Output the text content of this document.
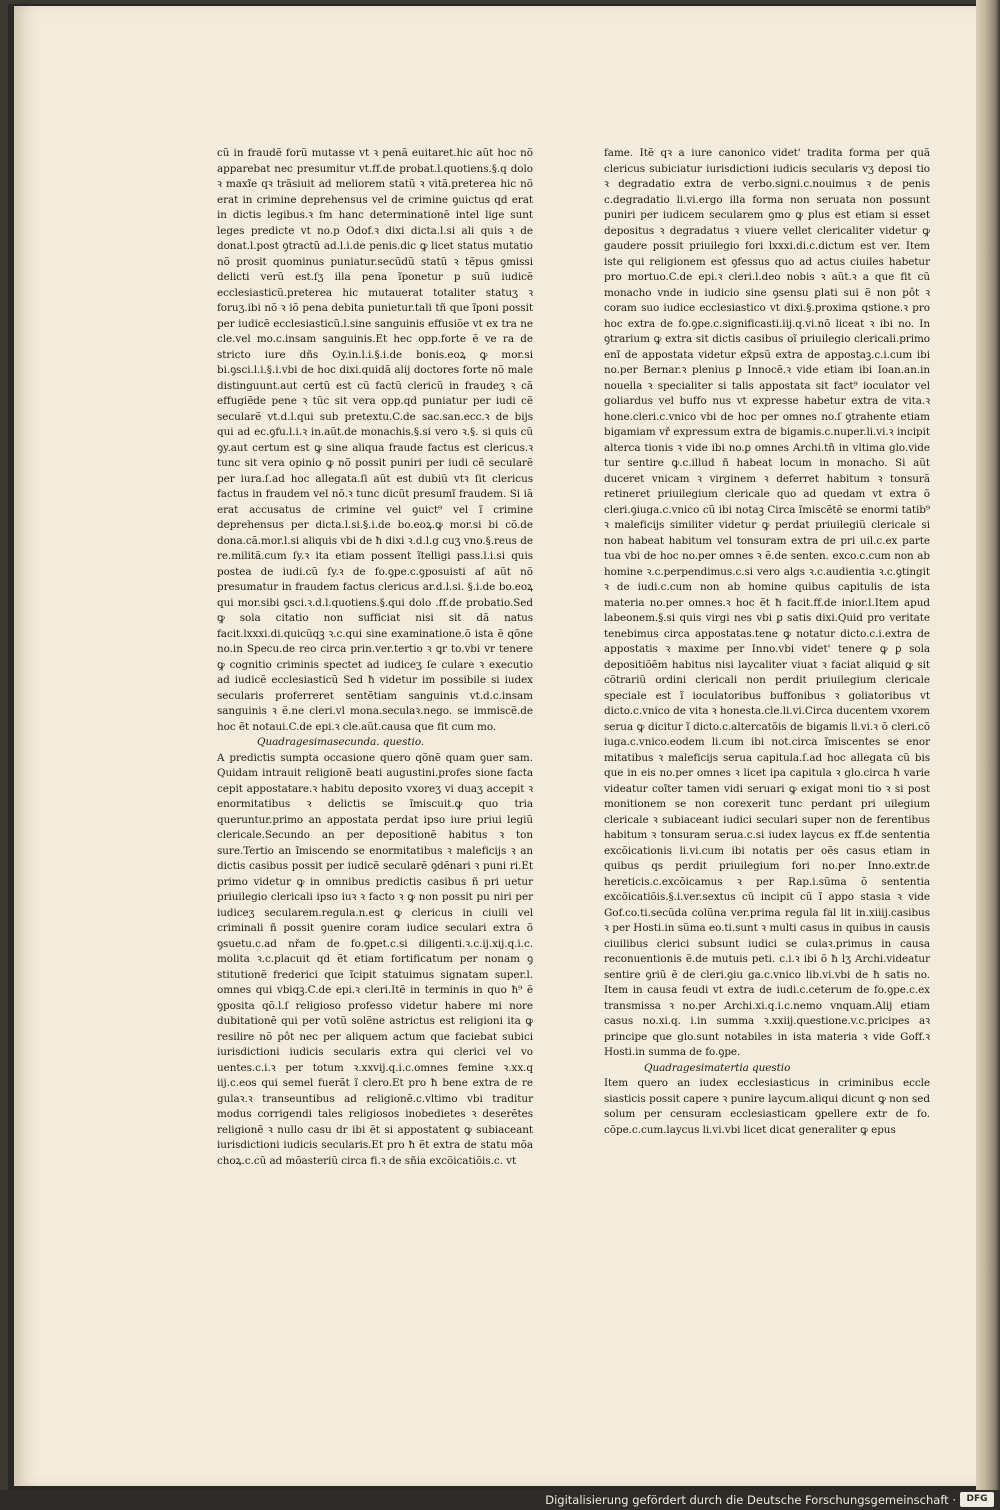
cũ in fraudẽ forũ mutasse vt ꝛ penã euitaret.hic aũt hoc nõ apparebat nec presumitur vt.ff.de probat.l.quotiens.§.q dolo ꝛ maxĩe qꝛ trãsiuit ad meliorem statũ ꝛ vitã.preterea hic nõ erat in crimine deprehensus vel de crimine ꝯuictus qd erat in dictis legibus.ꝛ ſm hanc determinationẽ intel lige sunt leges predicte vt no.p Odof.ꝛ dixi dicta.l.si ali quis ꝛ de donat.l.post ꝯtractũ ad.l.i.de penis.dic ꝙ licet status mutatio nõ prosit quominus puniatur.secũdũ statũ ꝛ tẽpus ꝯmissi delicti verũ est.ſʒ illa pena ĩponetur p suũ iudicẽ ecclesiasticũ.preterea hic mutauerat totaliter statuʒ ꝛ foruʒ.ibi nõ ꝛ iõ pena debita punietur.tali tñ que ĩponi possit per iudicẽ ecclesiasticũ.l.sine sanguinis effusiõe vt ex tra ne cle.vel mo.c.insam sanguinis.Et hec opp.forte ẽ ve ra de stricto iure dñs Oy.in.l.i.§.i.de bonis.eoꝝ ꝙ mor.si bi.ꝯsci.l.i.§.i.vbi de hoc dixi.quidã alij doctores forte nõ male distinguunt.aut certũ est cũ factũ clericũ in fraudeʒ ꝛ cã effugiẽde pene ꝛ tũc sit vera opp.qd puniatur per iudi cẽ secularẽ vt.d.l.qui sub pretextu.C.de sac.san.ecc.ꝛ de bijs qui ad ec.ꝯfu.l.i.ꝛ in.aũt.de monachis.§.si vero ꝛ.§. si quis cũ ꝯy.aut certum est ꝙ sine aliqua fraude factus est clericus.ꝛ tunc sit vera opinio ꝙ nõ possit puniri per iudi cẽ secularẽ per iura.ſ.ad hoc allegata.ſi aũt est dubiũ vtꝛ ſit clericus factus in fraudem vel nõ.ꝛ tunc dicũt presumĩ fraudem. Si iã erat accusatus de crimine vel ꝯuict⁹ vel ĩ crimine deprehensus per dicta.l.si.§.i.de bo.eoꝝ.ꝙ mor.si bi cõ.de dona.cã.mor.l.si aliquis vbi de ħ dixi ꝛ.d.l.g cuʒ vno.§.reus de re.militã.cum ſy.ꝛ ita etiam possent ĩtelligi pass.l.i.si quis postea de iudi.cũ ſy.ꝛ de fo.ꝯpe.c.ꝯposuisti aſ aũt nõ presumatur in fraudem factus clericus ar.d.l.si. §.i.de bo.eoꝝ qui mor.sibi ꝯsci.ꝛ.d.l.quotiens.§.qui dolo .ff.de probatio.Sed ꝙ sola citatio non sufficiat nisi sit dã natus facit.lxxxi.di.quicũqꝫ ꝛ.c.qui sine examinatione.õ ista ẽ qõne no.in Specu.de reo circa prin.ver.tertio ꝛ ꝗr to.vbi vr tenere ꝙ cognitio criminis spectet ad iudiceʒ ſe culare ꝛ executio ad iudicẽ ecclesiasticũ Sed ħ videtur im possibile si iudex secularis proferreret sentẽtiam sanguinis vt.d.c.insam sanguinis ꝛ ẽ.ne cleri.vl mona.seculaꝛ.nego. se immiscẽ.de hoc ẽt notaui.C.de epi.ꝛ cle.aũt.causa que fit cum mo.

Quadragesimasecunda. questio.

A predictis sumpta occasione quero qõnẽ quam ꝯuer sam. Quidam intrauit religionẽ beati augustini.profes sione facta cepit appostatare.ꝛ habitu deposito vxoreʒ vi duaʒ accepit ꝛ enormitatibus ꝛ delictis se ĩmiscuit.ꝙ quo tria queruntur.primo an appostata perdat ipso iure priui legiũ clericale.Secundo an per depositionẽ habitus ꝛ ton sure.Tertio an ĩmiscendo se enormitatibus ꝛ maleficijs ꝛ an dictis casibus possit per iudicẽ secularẽ ꝯdẽnari ꝛ puni ri.Et primo videtur ꝙ in omnibus predictis casibus ñ pri uetur priuilegio clericali ipso iuꝛ ꝛ facto ꝛ ꝙ non possit pu niri per iudiceʒ secularem.regula.n.est ꝙ clericus in ciuili vel criminali ñ possit ꝯuenire coram iudice seculari extra õ ꝯsuetu.c.ad nřam de fo.ꝯpet.c.si diligenti.ꝛ.c.ij.xij.q.i.c. molita ꝛ.c.placuit qd ẽt etiam fortificatum per nonam ꝯ stitutionẽ frederici que ĩcipit statuimus signatam super.l. omnes qui vbiqꝫ.C.de epi.ꝛ cleri.Itẽ in terminis in quo ħ⁹ ẽ ꝯposita qõ.l.ſ religioso professo videtur habere mi nore dubitationẽ qui per votũ solẽne astrictus est religioni ita ꝙ resilire nõ pôt nec per aliquem actum que faciebat subici iurisdictioni iudicis secularis extra qui clerici vel vo uentes.c.i.ꝛ per totum ꝛ.xxvij.q.i.c.omnes femine ꝛ.xx.q iij.c.eos qui semel fuerãt ĩ clero.Et pro ħ bene extra de re gulaꝛ.ꝛ transeuntibus ad religionẽ.c.vltimo vbi traditur modus corrigendi tales religiosos inobedietes ꝛ deserẽtes religionẽ ꝛ nullo casu dr ibi ẽt si appostatent ꝙ subiaceant iurisdictioni iudicis secularis.Et pro ħ ẽt extra de statu mõa choꝝ.c.cũ ad mõasteriũ circa fi.ꝛ de sñia excõicatiõis.c. vt

fame. Itẽ qꝛ a iure canonico videt' tradita forma per quã clericus subiciatur iurisdictioni iudicis secularis vʒ deposi tio ꝛ degradatio extra de verbo.signi.c.nouimus ꝛ de penis c.degradatio li.vi.ergo illa forma non seruata non possunt puniri per iudicem secularem ꝯmo ꝙ plus est etiam si esset depositus ꝛ degradatus ꝛ viuere vellet clericaliter videtur ꝙ gaudere possit priuilegio fori lxxxi.di.c.dictum est ver. Item iste qui religionem est ꝯfessus quo ad actus ciuiles habetur pro mortuo.C.de epi.ꝛ cleri.l.deo nobis ꝛ aũt.ꝛ a que fit cũ monacho vnde in iudicio sine ꝯsensu ꝑlati sui ẽ non pôt ꝛ coram suo iudice ecclesiastico vt dixi.§.proxima qstione.ꝛ pro hoc extra de fo.ꝯpe.c.significasti.iij.q.vi.nõ liceat ꝛ ibi no. In ꝯtrarium ꝙ extra sit dictis casibus oĩ priuilegio clericali.primo enĩ de appostata videtur ex̃psũ extra de appostaꝫ.c.i.cum ibi no.per Bernar.ꝛ plenius ꝑ Innocẽ.ꝛ vide etiam ibi Ioan.an.in nouella ꝛ specialiter si talis appostata sit fact⁹ ioculator vel goliardus vel buffo nus vt expresse habetur extra de vita.ꝛ hone.cleri.c.vnico vbi de hoc per omnes no.ſ ꝯtrahente etiam bigamiam vř expressum extra de bigamis.c.nuper.li.vi.ꝛ incipit alterca tionis ꝛ vide ibi no.ꝑ omnes Archi.tñ in vltima glo.vide tur sentire ꝙ.c.illud ñ habeat locum in monacho. Si aũt duceret vnicam ꝛ virginem ꝛ deferret habitum ꝛ tonsurã retineret priuilegium clericale quo ad quedam vt extra õ cleri.ꝯiuga.c.vnico cũ ibi notaꝫ Circa ĩmiscẽtẽ se enormi tatib⁹ ꝛ maleficijs similiter videtur ꝙ perdat priuilegiũ clericale si non habeat habitum vel tonsuram extra de pri uil.c.ex parte tua vbi de hoc no.per omnes ꝛ ẽ.de senten. exco.c.cum non ab homine ꝛ.c.perpendimus.c.si vero algs ꝛ.c.audientia ꝛ.c.ꝯtingit ꝛ de iudi.c.cum non ab homine quibus capitulis de ista materia no.per omnes.ꝛ hoc ẽt ħ facit.ff.de inior.l.Item apud labeonem.§.si quis virgi nes vbi ꝑ satis dixi.Quid pro veritate tenebimus circa appostatas.tene ꝙ notatur dicto.c.i.extra de appostatis ꝛ maxime per Inno.vbi videt' tenere ꝙ ꝑ sola depositiõẽm habitus nisi laycaliter viuat ꝛ faciat aliquid ꝙ sit cõtrariũ ordini clericali non perdit priuilegium clericale speciale est ĩ ioculatoribus buffonibus ꝛ goliatoribus vt dicto.c.vnico de vita ꝛ honesta.cle.li.vi.Circa ducentem vxorem serua ꝙ dicitur ĩ dicto.c.altercatõis de bigamis li.vi.ꝛ õ cleri.cõ iuga.c.vnico.eodem li.cum ibi not.circa ĩmiscentes se enor mitatibus ꝛ maleficijs serua capitula.ſ.ad hoc allegata cũ bis que in eis no.per omnes ꝛ licet ipa capitula ꝛ glo.circa ħ varie videatur coĩter tamen vidi seruari ꝙ exigat moni tio ꝛ si post monitionem se non corexerit tunc perdant pri uilegium clericale ꝛ subiaceant iudici seculari super non de ferentibus habitum ꝛ tonsuram serua.c.si iudex laycus ex ff.de sententia excõicationis li.vi.cum ibi notatis per oẽs casus etiam in quibus qs perdit priuilegium fori no.per Inno.extr.de hereticis.c.excõicamus ꝛ per Rap.i.sũma õ sententia excõicatiõis.§.i.ver.sextus cũ incipit cũ ĩ appo stasia ꝛ vide Gof.co.ti.secũda colũna ver.prima regula fal lit in.xiiij.casibus ꝛ per Hosti.in sũma eo.ti.sunt ꝛ multi casus in quibus in causis ciuilibus clerici subsunt iudici se culaꝛ.primus in causa reconuentionis ẽ.de mutuis peti. c.i.ꝛ ibi õ ħ lʒ Archi.videatur sentire ꝯriũ ẽ de cleri.ꝯiu ga.c.vnico lib.vi.vbi de ħ satis no. Item in causa feudi vt extra de iudi.c.ceterum de fo.ꝯpe.c.ex transmissa ꝛ no.per Archi.xi.q.i.c.nemo vnquam.Alij etiam casus no.xi.q. i.in summa ꝛ.xxiij.questione.v.c.pricipes aꝛ principe que glo.sunt notabiles in ista materia ꝛ vide Goff.ꝛ Hosti.in summa de fo.ꝯpe.

Quadragesimatertia questio

Item quero an iudex ecclesiasticus in criminibus eccle siasticis possit capere ꝛ punire laycum.aliqui dicunt ꝙ non sed solum per censuram ecclesiasticam ꝯpellere extr de fo. cõpe.c.cum.laycus li.vi.vbi licet dicat generaliter ꝙ epus

Digitalisierung gefördert durch die Deutsche Forschungsgemeinschaft ·	DFG
